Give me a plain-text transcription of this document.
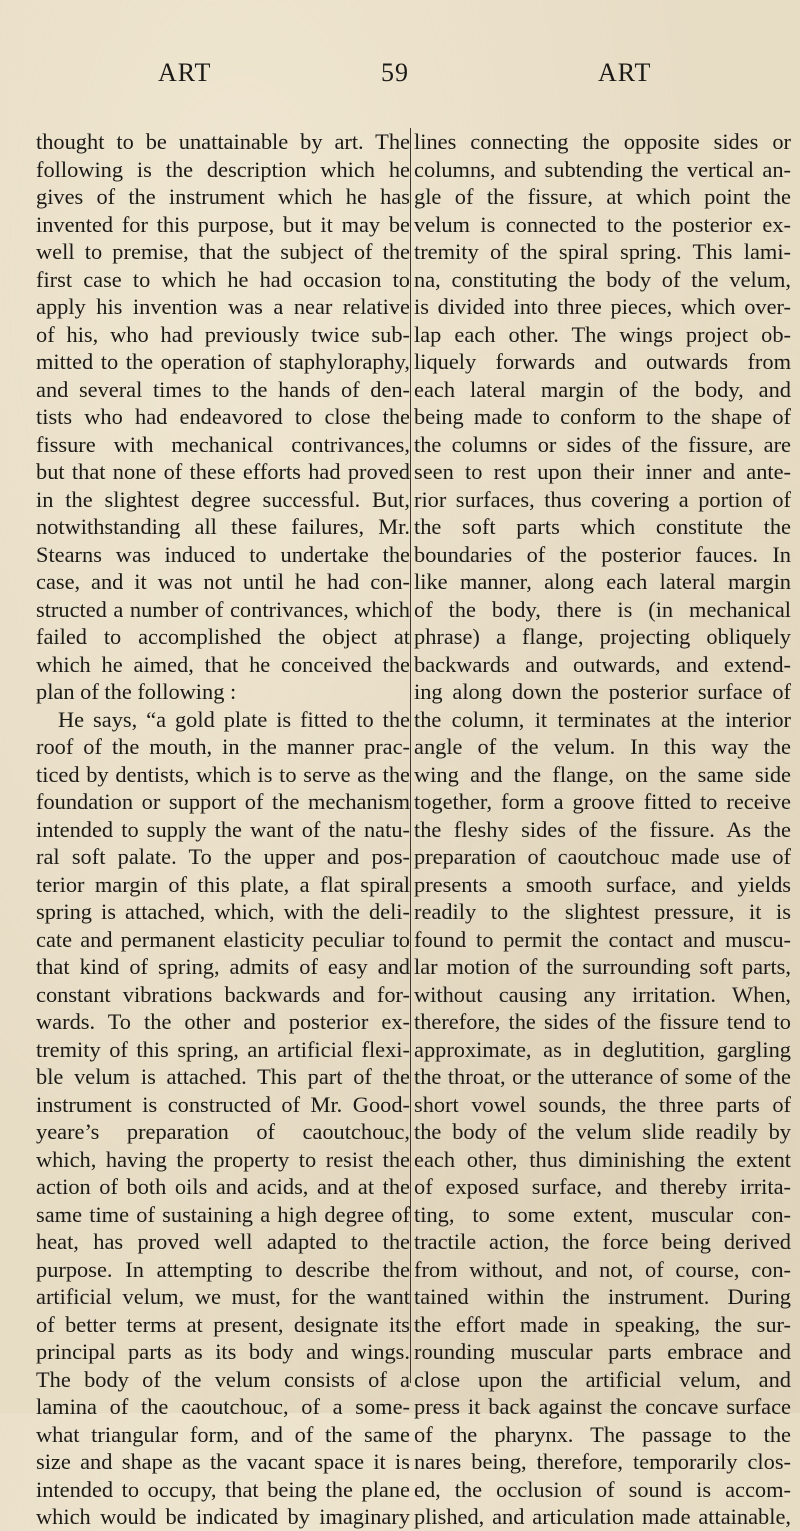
ART	59	ART
thought to be unattainable by art. The
following is the description which he
gives of the instrument which he has
invented for this purpose, but it may be
well to premise, that the subject of the
first case to which he had occasion to
apply his invention was a near relative
of his, who had previously twice sub-
mitted to the operation of staphyloraphy,
and several times to the hands of den-
tists who had endeavored to close the
fissure with mechanical contrivances,
but that none of these efforts had proved
in the slightest degree successful. But,
notwithstanding all these failures, Mr.
Stearns was induced to undertake the
case, and it was not until he had con-
structed a number of contrivances, which
failed to accomplished the object at
which he aimed, that he conceived the
plan of the following :
He says, “a gold plate is fitted to the
roof of the mouth, in the manner prac-
ticed by dentists, which is to serve as the
foundation or support of the mechanism
intended to supply the want of the natu-
ral soft palate. To the upper and pos-
terior margin of this plate, a flat spiral
spring is attached, which, with the deli-
cate and permanent elasticity peculiar to
that kind of spring, admits of easy and
constant vibrations backwards and for-
wards. To the other and posterior ex-
tremity of this spring, an artificial flexi-
ble velum is attached. This part of the
instrument is constructed of Mr. Good-
yeare’s preparation of caoutchouc,
which, having the property to resist the
action of both oils and acids, and at the
same time of sustaining a high degree of
heat, has proved well adapted to the
purpose. In attempting to describe the
artificial velum, we must, for the want
of better terms at present, designate its
principal parts as its body and wings.
The body of the velum consists of a
lamina of the caoutchouc, of a some-
what triangular form, and of the same
size and shape as the vacant space it is
intended to occupy, that being the plane
which would be indicated by imaginary
lines connecting the opposite sides or
columns, and subtending the vertical an-
gle of the fissure, at which point the
velum is connected to the posterior ex-
tremity of the spiral spring. This lami-
na, constituting the body of the velum,
is divided into three pieces, which over-
lap each other. The wings project ob-
liquely forwards and outwards from
each lateral margin of the body, and
being made to conform to the shape of
the columns or sides of the fissure, are
seen to rest upon their inner and ante-
rior surfaces, thus covering a portion of
the soft parts which constitute the
boundaries of the posterior fauces. In
like manner, along each lateral margin
of the body, there is (in mechanical
phrase) a flange, projecting obliquely
backwards and outwards, and extend-
ing along down the posterior surface of
the column, it terminates at the interior
angle of the velum. In this way the
wing and the flange, on the same side
together, form a groove fitted to receive
the fleshy sides of the fissure. As the
preparation of caoutchouc made use of
presents a smooth surface, and yields
readily to the slightest pressure, it is
found to permit the contact and muscu-
lar motion of the surrounding soft parts,
without causing any irritation. When,
therefore, the sides of the fissure tend to
approximate, as in deglutition, gargling
the throat, or the utterance of some of the
short vowel sounds, the three parts of
the body of the velum slide readily by
each other, thus diminishing the extent
of exposed surface, and thereby irrita-
ting, to some extent, muscular con-
tractile action, the force being derived
from without, and not, of course, con-
tained within the instrument. During
the effort made in speaking, the sur-
rounding muscular parts embrace and
close upon the artificial velum, and
press it back against the concave surface
of the pharynx. The passage to the
nares being, therefore, temporarily clos-
ed, the occlusion of sound is accom-
plished, and articulation made attainable,
